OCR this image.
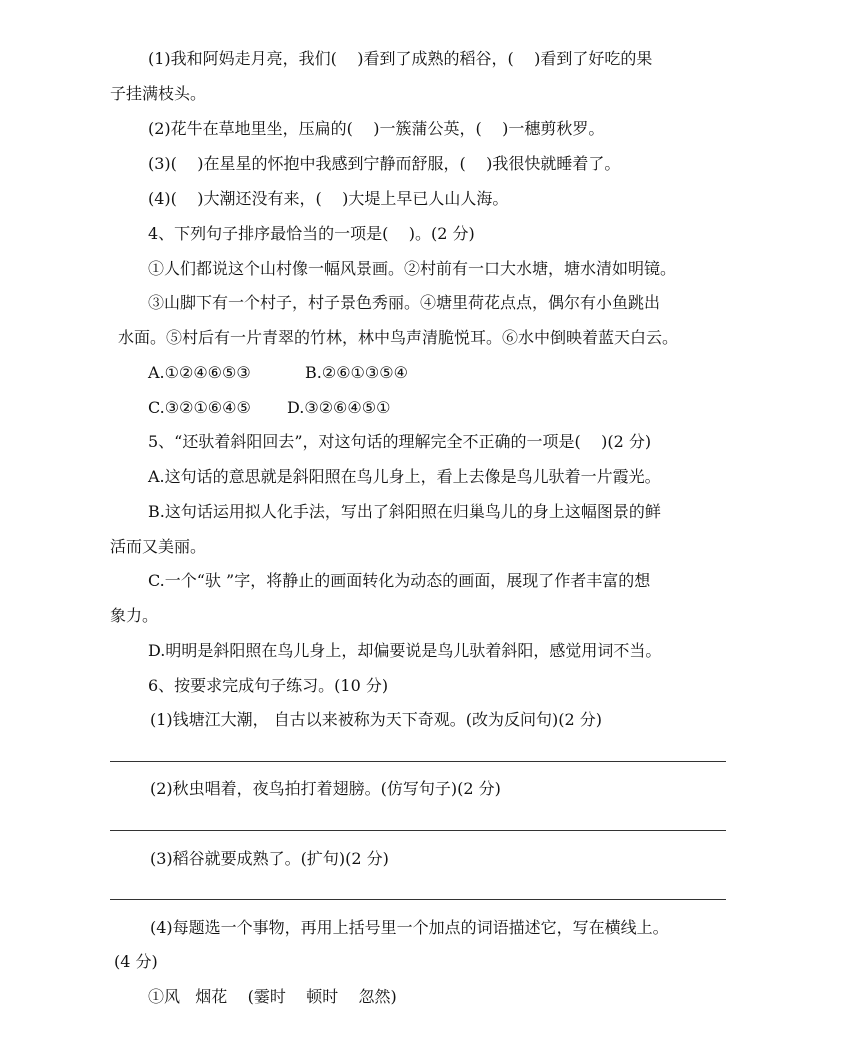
(1)我和阿妈走月亮，我们(    )看到了成熟的稻谷，(    )看到了好吃的果
子挂满枝头。
(2)花牛在草地里坐，压扁的(    )一簇蒲公英，(    )一穗剪秋罗。
(3)(    )在星星的怀抱中我感到宁静而舒服，(    )我很快就睡着了。
(4)(    )大潮还没有来，(    )大堤上早已人山人海。
4、下列句子排序最恰当的一项是(    )。(2 分)
①人们都说这个山村像一幅风景画。②村前有一口大水塘，塘水清如明镜。
③山脚下有一个村子，村子景色秀丽。④塘里荷花点点，偶尔有小鱼跳出
水面。⑤村后有一片青翠的竹林，林中鸟声清脆悦耳。⑥水中倒映着蓝天白云。
A.①②④⑥⑤③	B.②⑥①③⑤④
C.③②①⑥④⑤ D.③②⑥④⑤①
5、“还驮着斜阳回去”，对这句话的理解完全不正确的一项是(    )(2 分)
A.这句话的意思就是斜阳照在鸟儿身上，看上去像是鸟儿驮着一片霞光。
B.这句话运用拟人化手法，写出了斜阳照在归巢鸟儿的身上这幅图景的鲜
活而又美丽。
C.一个“驮 ”字，将静止的画面转化为动态的画面，展现了作者丰富的想
象力。
D.明明是斜阳照在鸟儿身上，却偏要说是鸟儿驮着斜阳，感觉用词不当。
6、按要求完成句子练习。(10 分)
(1)钱塘江大潮， 自古以来被称为天下奇观。(改为反问句)(2 分)
(2)秋虫唱着，夜鸟拍打着翅膀。(仿写句子)(2 分)
(3)稻谷就要成熟了。(扩句)(2 分)
(4)每题选一个事物，再用上括号里一个加点的词语描述它，写在横线上。
(4 分)
①风   烟花    (霎时    顿时    忽然)
